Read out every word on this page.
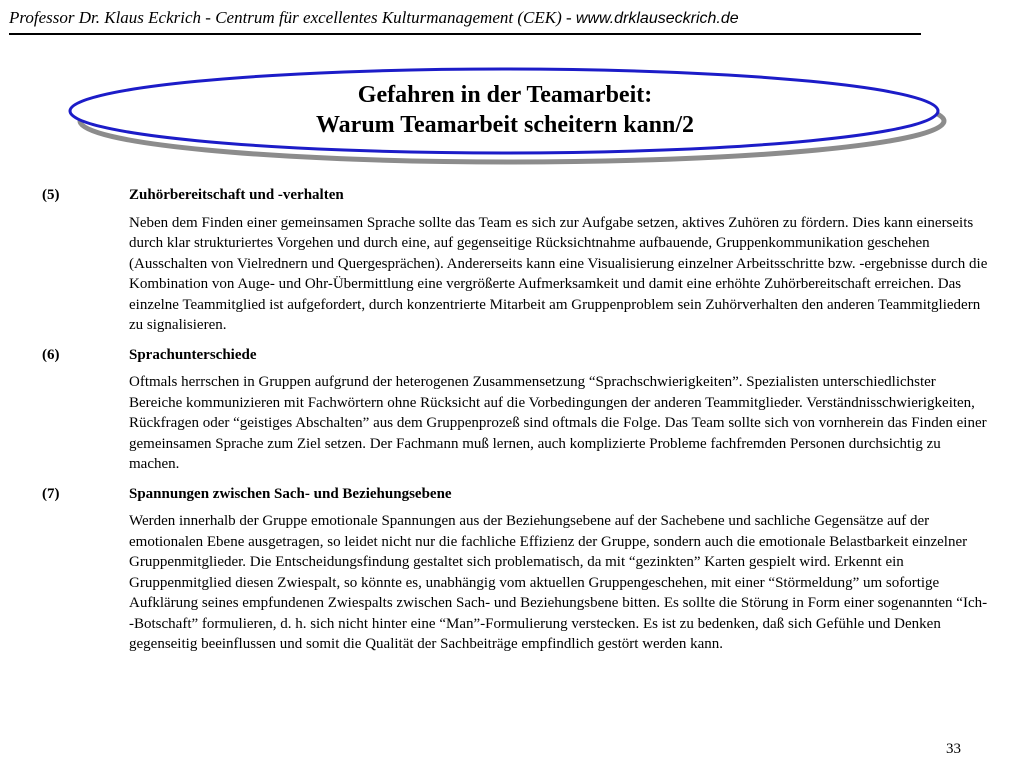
Professor Dr. Klaus Eckrich - Centrum für excellentes Kulturmanagement (CEK) - www.drklauseckrich.de
Gefahren in der Teamarbeit:
Warum Teamarbeit scheitern kann/2
(5)	Zuhörbereitschaft und -verhalten
Neben dem Finden einer gemeinsamen Sprache sollte das Team es sich zur Aufgabe setzen, aktives Zuhören zu fördern. Dies kann einerseits durch klar strukturiertes Vorgehen und durch eine, auf gegenseitige Rücksichtnahme aufbauende, Gruppenkommunikation geschehen (Ausschalten von Vielrednern und Quergesprächen). Andererseits kann eine Visualisierung einzelner Arbeitsschritte bzw. -ergebnisse durch die Kombination von Auge- und Ohr-Übermittlung eine vergrößerte Aufmerksamkeit und damit eine erhöhte Zuhörbereitschaft erreichen. Das einzelne Teammitglied ist aufgefordert, durch konzentrierte Mitarbeit am Gruppenproblem sein Zuhörverhalten den anderen Teammitgliedern zu signalisieren.
(6)	Sprachunterschiede
Oftmals herrschen in Gruppen aufgrund der heterogenen Zusammensetzung “Sprachschwierigkeiten”. Spezialisten unterschiedlichster Bereiche kommunizieren mit Fachwörtern ohne Rücksicht auf die Vorbedingungen der anderen Teammitglieder. Verständnisschwierigkeiten, Rückfragen oder “geistiges Abschalten” aus dem Gruppenprozeß sind oftmals die Folge. Das Team sollte sich von vornherein das Finden einer gemeinsamen Sprache zum Ziel setzen. Der Fachmann muß lernen, auch komplizierte Probleme fachfremden Personen durchsichtig zu machen.
(7)	Spannungen zwischen Sach- und Beziehungsebene
Werden innerhalb der Gruppe emotionale Spannungen aus der Beziehungsebene auf der Sachebene und sachliche Gegensätze auf der emotionalen Ebene ausgetragen, so leidet nicht nur die fachliche Effizienz der Gruppe, sondern auch die emotionale Belastbarkeit einzelner Gruppenmitglieder. Die Entscheidungsfindung gestaltet sich problematisch, da mit “gezinkten” Karten gespielt wird. Erkennt ein Gruppenmitglied diesen Zwiespalt, so könnte es, unabhängig vom aktuellen Gruppengeschehen, mit einer “Störmeldung” um sofortige Aufklärung seines empfundenen Zwiespalts zwischen Sach- und Beziehungsbene bitten. Es sollte die Störung in Form einer sogenannten “Ich--Botschaft” formulieren, d. h. sich nicht hinter eine “Man”-Formulierung verstecken. Es ist zu bedenken, daß sich Gefühle und Denken gegenseitig beeinflussen und somit die Qualität der Sachbeiträge empfindlich gestört werden kann.
33
